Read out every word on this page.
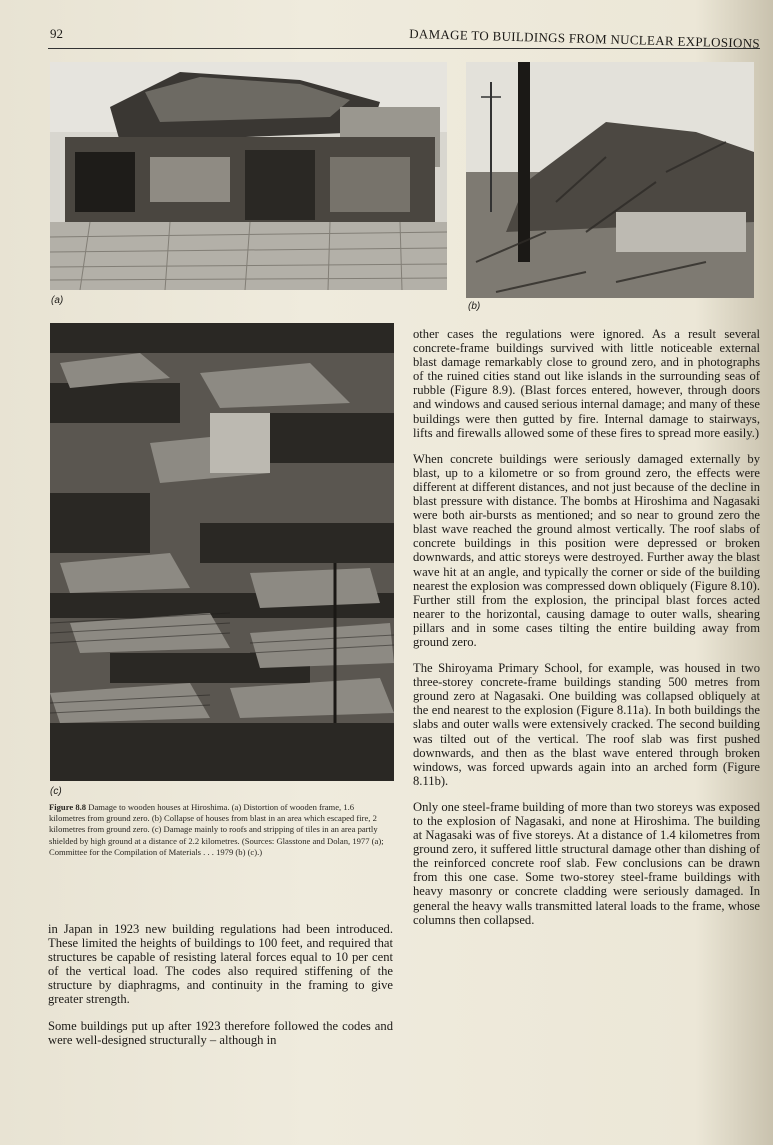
92	DAMAGE TO BUILDINGS FROM NUCLEAR EXPLOSIONS
(a)
(b)
(c)
Figure 8.8 Damage to wooden houses at Hiroshima. (a) Distortion of wooden frame, 1.6 kilometres from ground zero. (b) Collapse of houses from blast in an area which escaped fire, 2 kilometres from ground zero. (c) Damage mainly to roofs and stripping of tiles in an area partly shielded by high ground at a distance of 2.2 kilometres. (Sources: Glasstone and Dolan, 1977 (a); Committee for the Compilation of Materials . . . 1979 (b) (c).)

in Japan in 1923 new building regulations had been introduced. These limited the heights of buildings to 100 feet, and required that structures be capable of resisting lateral forces equal to 10 per cent of the vertical load. The codes also required stiffening of the structure by diaphragms, and continuity in the framing to give greater strength.

Some buildings put up after 1923 therefore followed the codes and were well-designed structurally – although in

other cases the regulations were ignored. As a result several concrete-frame buildings survived with little noticeable external blast damage remarkably close to ground zero, and in photographs of the ruined cities stand out like islands in the surrounding seas of rubble (Figure 8.9). (Blast forces entered, however, through doors and windows and caused serious internal damage; and many of these buildings were then gutted by fire. Internal damage to stairways, lifts and firewalls allowed some of these fires to spread more easily.)

When concrete buildings were seriously damaged externally by blast, up to a kilometre or so from ground zero, the effects were different at different distances, and not just because of the decline in blast pressure with distance. The bombs at Hiroshima and Nagasaki were both air-bursts as mentioned; and so near to ground zero the blast wave reached the ground almost vertically. The roof slabs of concrete buildings in this position were depressed or broken downwards, and attic storeys were destroyed. Further away the blast wave hit at an angle, and typically the corner or side of the building nearest the explosion was compressed down obliquely (Figure 8.10). Further still from the explosion, the principal blast forces acted nearer to the horizontal, causing damage to outer walls, shearing pillars and in some cases tilting the entire building away from ground zero.

The Shiroyama Primary School, for example, was housed in two three-storey concrete-frame buildings standing 500 metres from ground zero at Nagasaki. One building was collapsed obliquely at the end nearest to the explosion (Figure 8.11a). In both buildings the slabs and outer walls were extensively cracked. The second building was tilted out of the vertical. The roof slab was first pushed downwards, and then as the blast wave entered through broken windows, was forced upwards again into an arched form (Figure 8.11b).

Only one steel-frame building of more than two storeys was exposed to the explosion of Nagasaki, and none at Hiroshima. The building at Nagasaki was of five storeys. At a distance of 1.4 kilometres from ground zero, it suffered little structural damage other than dishing of the reinforced concrete roof slab. Few conclusions can be drawn from this one case. Some two-storey steel-frame buildings with heavy masonry or concrete cladding were seriously damaged. In general the heavy walls transmitted lateral loads to the frame, whose columns then collapsed.
